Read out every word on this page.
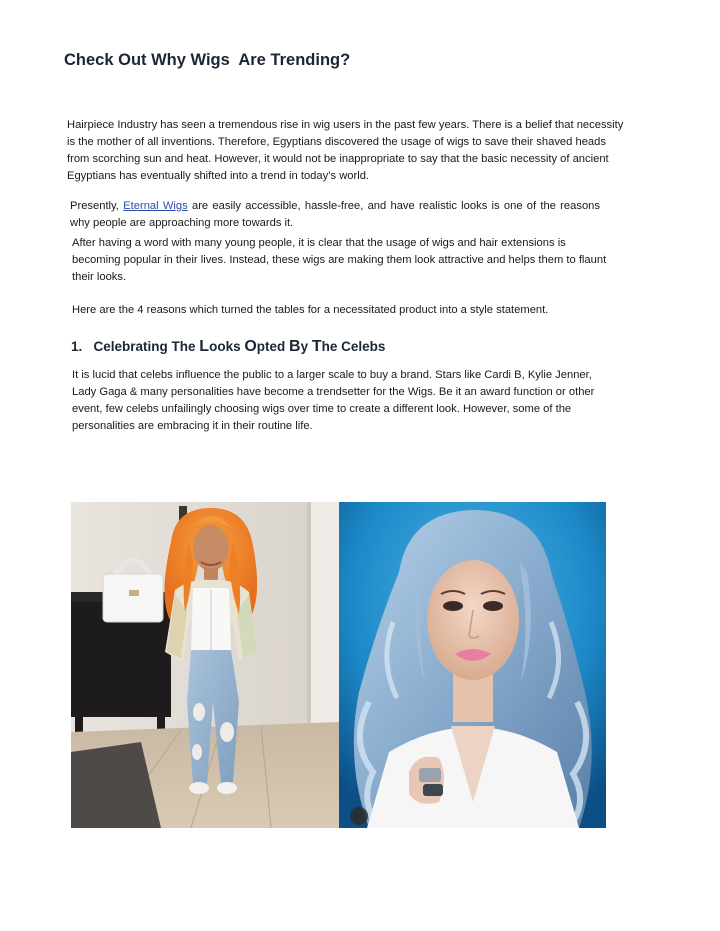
Check Out Why Wigs  Are Trending?
Hairpiece Industry has seen a tremendous rise in wig users in the past few years. There is a belief that necessity is the mother of all inventions. Therefore, Egyptians discovered the usage of wigs to save their shaved heads from scorching sun and heat. However, it would not be inappropriate to say that the basic necessity of ancient Egyptians has eventually shifted into a trend in today’s world.
Presently, Eternal Wigs are easily accessible, hassle-free, and have realistic looks is one of the reasons why people are approaching more towards it.
After having a word with many young people, it is clear that the usage of wigs and hair extensions is becoming popular in their lives. Instead, these wigs are making them look attractive and helps them to flaunt their looks.
Here are the 4 reasons which turned the tables for a necessitated product into a style statement.
1. Celebrating The Looks Opted By The Celebs
It is lucid that celebs influence the public to a larger scale to buy a brand. Stars like Cardi B, Kylie Jenner, Lady Gaga & many personalities have become a trendsetter for the Wigs. Be it an award function or other event, few celebs unfailingly choosing wigs over time to create a different look. However, some of the personalities are embracing it in their routine life.
